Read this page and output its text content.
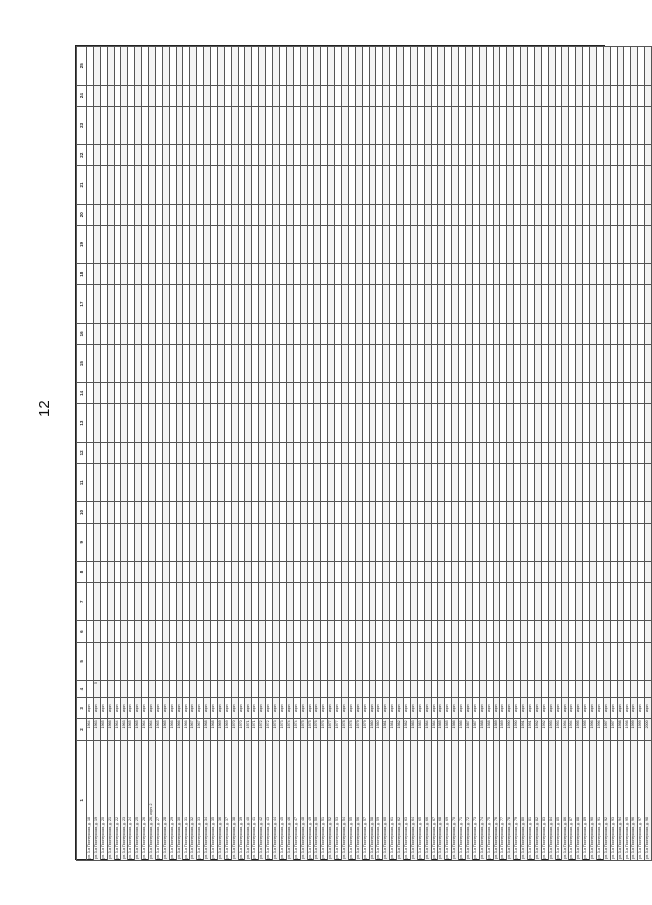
12
1	2	3	4	5	6	7	8	9	10	11	12	13	14	15	16	17	18	19	20	21	22	23	24	25
ул. 3-я Пионерская, д. 18	1964	кирп																						
ул. 3-я Пионерская, д. 19	1963	кирп	5																					
ул. 3-я Пионерская, д. 20	1965	кирп																						
ул. 3-я Пионерская, д. 21	1966	кирп																						
ул. 3-я Пионерская, д. 22	1964	кирп																						
ул. 3-я Пионерская, д. 23	1963	кирп																						
ул. 3-я Пионерская, д. 24	1965	кирп																						
ул. 3-я Пионерская, д. 25	1965	кирп																						
ул. 3-я Пионерская, д. 26	1964	кирп																						
ул. 3-я Пионерская, д. 26, корп. 2	1964	кирп																						
ул. 3-я Пионерская, д. 27	1965	кирп																						
ул. 3-я Пионерская, д. 28	1965	кирп																						
ул. 3-я Пионерская, д. 29	1966	кирп																						
ул. 3-я Пионерская, д. 30	1966	кирп																						
ул. 3-я Пионерская, д. 31	1966	кирп																						
ул. 3-я Пионерская, д. 32	1967	кирп																						
ул. 3-я Пионерская, д. 33	1967	кирп																						
ул. 3-я Пионерская, д. 34	1968	кирп																						
ул. 3-я Пионерская, д. 35	1968	кирп																						
ул. 3-я Пионерская, д. 36	1969	кирп																						
ул. 3-я Пионерская, д. 37	1969	кирп																						
ул. 3-я Пионерская, д. 38	1970	кирп																						
ул. 3-я Пионерская, д. 39	1970	кирп																						
ул. 3-я Пионерская, д. 40	1971	кирп																						
ул. 3-я Пионерская, д. 41	1971	кирп																						
ул. 3-я Пионерская, д. 42	1972	кирп																						
ул. 3-я Пионерская, д. 43	1972	кирп																						
ул. 3-я Пионерская, д. 44	1973	кирп																						
ул. 3-я Пионерская, д. 45	1973	кирп																						
ул. 3-я Пионерская, д. 46	1974	кирп																						
ул. 3-я Пионерская, д. 47	1974	кирп																						
ул. 3-я Пионерская, д. 48	1975	кирп																						
ул. 3-я Пионерская, д. 49	1975	кирп																						
ул. 3-я Пионерская, д. 50	1976	кирп																						
ул. 3-я Пионерская, д. 51	1976	кирп																						
ул. 3-я Пионерская, д. 52	1977	кирп																						
ул. 3-я Пионерская, д. 53	1977	кирп																						
ул. 3-я Пионерская, д. 54	1978	кирп																						
ул. 3-я Пионерская, д. 55	1978	кирп																						
ул. 3-я Пионерская, д. 56	1979	кирп																						
ул. 3-я Пионерская, д. 57	1979	кирп																						
ул. 3-я Пионерская, д. 58	1980	кирп																						
ул. 3-я Пионерская, д. 59	1980	кирп																						
ул. 3-я Пионерская, д. 60	1981	кирп																						
ул. 3-я Пионерская, д. 61	1981	кирп																						
ул. 3-я Пионерская, д. 62	1982	кирп																						
ул. 3-я Пионерская, д. 63	1982	кирп																						
ул. 3-я Пионерская, д. 64	1983	кирп																						
ул. 3-я Пионерская, д. 65	1983	кирп																						
ул. 3-я Пионерская, д. 66	1984	кирп																						
ул. 3-я Пионерская, д. 67	1984	кирп																						
ул. 3-я Пионерская, д. 68	1985	кирп																						
ул. 3-я Пионерская, д. 69	1985	кирп																						
ул. 3-я Пионерская, д. 70	1986	кирп																						
ул. 3-я Пионерская, д. 71	1986	кирп																						
ул. 3-я Пионерская, д. 72	1987	кирп																						
ул. 3-я Пионерская, д. 73	1987	кирп																						
ул. 3-я Пионерская, д. 74	1988	кирп																						
ул. 3-я Пионерская, д. 75	1988	кирп																						
ул. 3-я Пионерская, д. 76	1989	кирп																						
ул. 3-я Пионерская, д. 77	1989	кирп																						
ул. 3-я Пионерская, д. 78	1990	кирп																						
ул. 3-я Пионерская, д. 79	1990	кирп																						
ул. 3-я Пионерская, д. 80	1991	кирп																						
ул. 3-я Пионерская, д. 81	1991	кирп																						
ул. 3-я Пионерская, д. 82	1992	кирп																						
ул. 3-я Пионерская, д. 83	1992	кирп																						
ул. 3-я Пионерская, д. 84	1993	кирп																						
ул. 3-я Пионерская, д. 85	1993	кирп																						
ул. 3-я Пионерская, д. 86	1994	кирп																						
ул. 3-я Пионерская, д. 87	1994	кирп																						
ул. 3-я Пионерская, д. 88	1995	кирп																						
ул. 3-я Пионерская, д. 89	1995	кирп																						
ул. 3-я Пионерская, д. 90	1996	кирп																						
ул. 3-я Пионерская, д. 91	1996	кирп																						
ул. 3-я Пионерская, д. 92	1997	кирп																						
ул. 3-я Пионерская, д. 93	1997	кирп																						
ул. 3-я Пионерская, д. 94	1998	кирп																						
ул. 3-я Пионерская, д. 95	1998	кирп																						
ул. 3-я Пионерская, д. 96	1999	кирп																						
ул. 3-я Пионерская, д. 97	1999	кирп																						
ул. 3-я Пионерская, д. 98	2000	кирп																						
